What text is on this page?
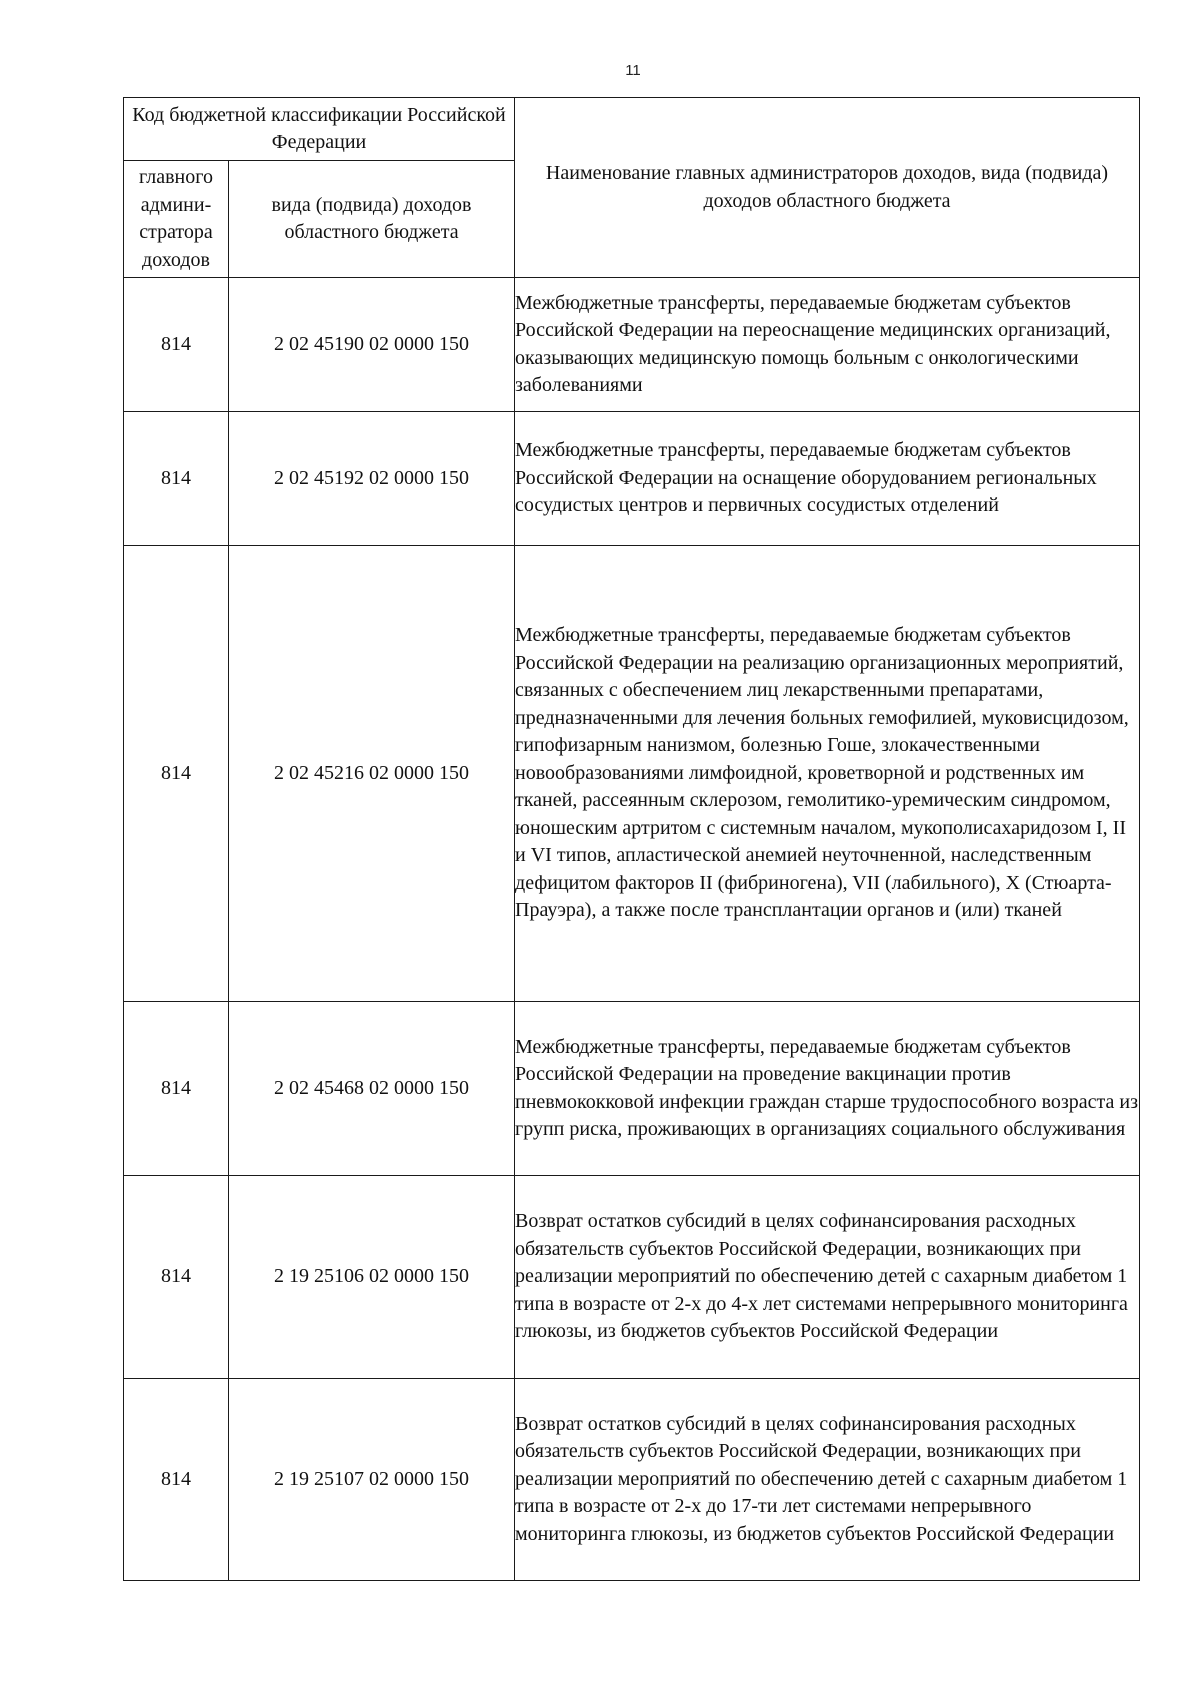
11
Код бюджетной классификации Российской Федерации		Наименование главных администраторов доходов, вида (подвида) доходов областного бюджета
главного админи-стратора доходов	вида (подвида) доходов областного бюджета	
814	2 02 45190 02 0000 150	Межбюджетные трансферты, передаваемые бюджетам субъектов Российской Федерации на переоснащение медицинских организаций, оказывающих медицинскую помощь больным с онкологическими заболеваниями
814	2 02 45192 02 0000 150	Межбюджетные трансферты, передаваемые бюджетам субъектов Российской Федерации на оснащение оборудованием региональных сосудистых центров и первичных сосудистых отделений
814	2 02 45216 02 0000 150	Межбюджетные трансферты, передаваемые бюджетам субъектов Российской Федерации на реализацию организационных мероприятий, связанных с обеспечением лиц лекарственными препаратами, предназначенными для лечения больных гемофилией, муковисцидозом, гипофизарным нанизмом, болезнью Гоше, злокачественными новообразованиями лимфоидной, кроветворной и родственных им тканей, рассеянным склерозом, гемолитико-уремическим синдромом, юношеским артритом с системным началом, мукополисахаридозом I, II и VI типов, апластической анемией неуточненной, наследственным дефицитом факторов II (фибриногена), VII (лабильного), X (Стюарта-Прауэра), а также после трансплантации органов и (или) тканей
814	2 02 45468 02 0000 150	Межбюджетные трансферты, передаваемые бюджетам субъектов Российской Федерации на проведение вакцинации против пневмококковой инфекции граждан старше трудоспособного возраста из групп риска, проживающих в организациях социального обслуживания
814	2 19 25106 02 0000 150	Возврат остатков субсидий в целях софинансирования расходных обязательств субъектов Российской Федерации, возникающих при реализации мероприятий по обеспечению детей с сахарным диабетом 1 типа в возрасте от 2-х до 4-х лет системами непрерывного мониторинга глюкозы, из бюджетов субъектов Российской Федерации
814	2 19 25107 02 0000 150	Возврат остатков субсидий в целях софинансирования расходных обязательств субъектов Российской Федерации, возникающих при реализации мероприятий по обеспечению детей с сахарным диабетом 1 типа в возрасте от 2-х до 17-ти лет системами непрерывного мониторинга глюкозы, из бюджетов субъектов Российской Федерации
